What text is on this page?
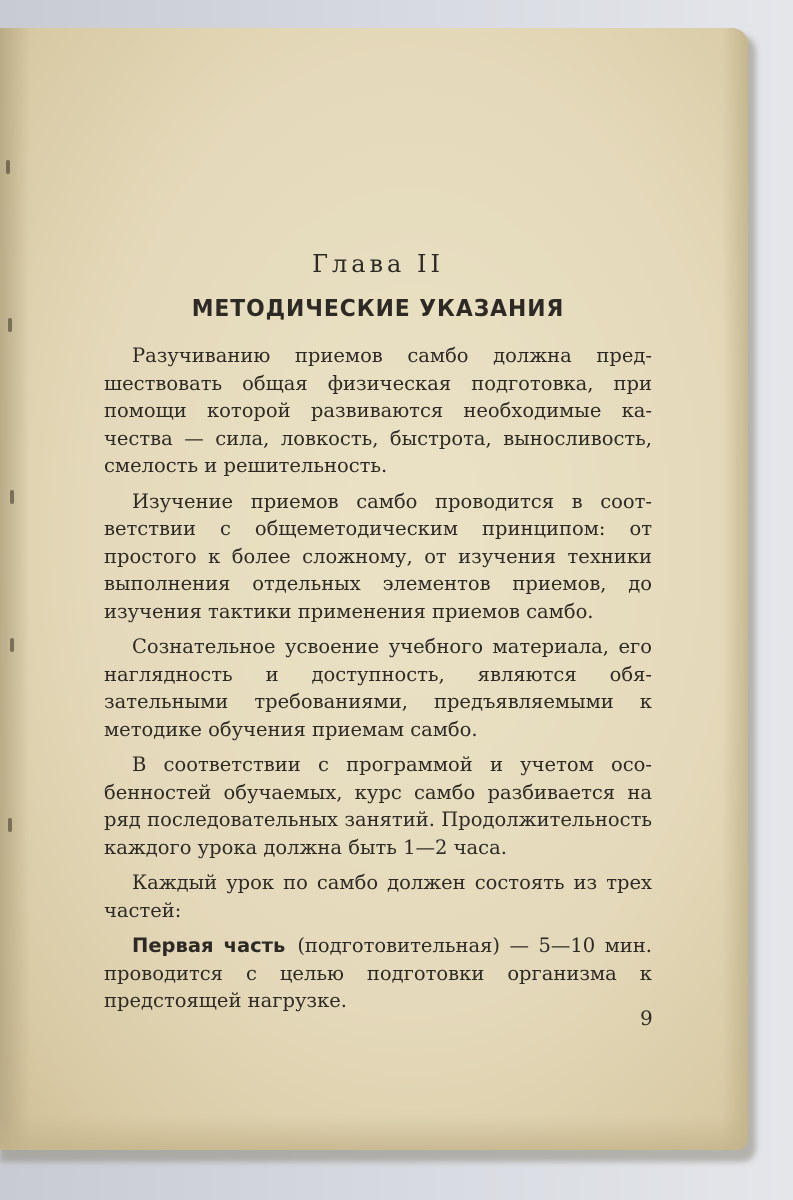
Глава II
МЕТОДИЧЕСКИЕ УКАЗАНИЯ

Разучиванию приемов самбо должна предшествовать общая физическая подготовка, при помощи которой развиваются необходимые качества — сила, ловкость, быстрота, выносливость, смелость и решительность.

Изучение приемов самбо проводится в соответствии с общеметодическим принципом: от простого к более сложному, от изучения техники выполнения отдельных элементов приемов, до изучения тактики применения приемов самбо.

Сознательное усвоение учебного материала, его наглядность и доступность, являются обязательными требованиями, предъявляемыми к методике обучения приемам самбо.

В соответствии с программой и учетом особенностей обучаемых, курс самбо разбивается на ряд последовательных занятий. Продолжительность каждого урока должна быть 1—2 часа.

Каждый урок по самбо должен состоять из трех частей:

Первая часть (подготовительная) — 5—10 мин. проводится с целью подготовки организма к предстоящей нагрузке.

9
